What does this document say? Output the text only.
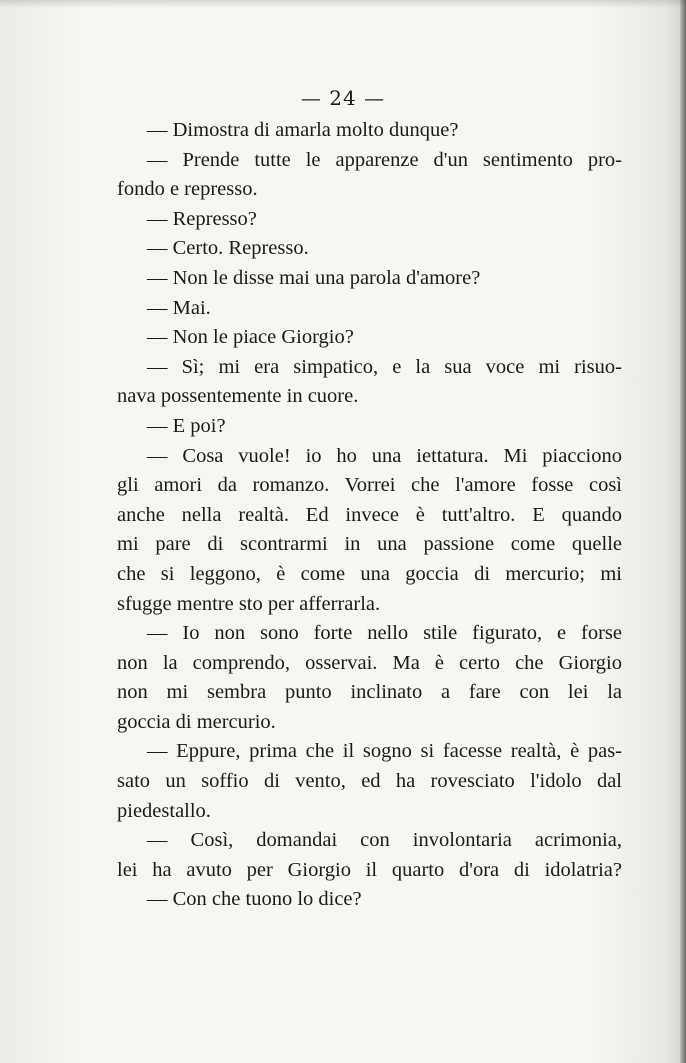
— 24 —
— Dimostra di amarla molto dunque?
— Prende tutte le apparenze d'un sentimento pro-
fondo e represso.
— Represso?
— Certo. Represso.
— Non le disse mai una parola d'amore?
— Mai.
— Non le piace Giorgio?
— Sì; mi era simpatico, e la sua voce mi risuo-
nava possentemente in cuore.
— E poi?
— Cosa vuole! io ho una iettatura. Mi piacciono
gli amori da romanzo. Vorrei che l'amore fosse così
anche nella realtà. Ed invece è tutt'altro. E quando
mi pare di scontrarmi in una passione come quelle
che si leggono, è come una goccia di mercurio; mi
sfugge mentre sto per afferrarla.
— Io non sono forte nello stile figurato, e forse
non la comprendo, osservai. Ma è certo che Giorgio
non mi sembra punto inclinato a fare con lei la
goccia di mercurio.
— Eppure, prima che il sogno si facesse realtà, è pas-
sato un soffio di vento, ed ha rovesciato l'idolo dal
piedestallo.
— Così, domandai con involontaria acrimonia,
lei ha avuto per Giorgio il quarto d'ora di idolatria?
— Con che tuono lo dice?
